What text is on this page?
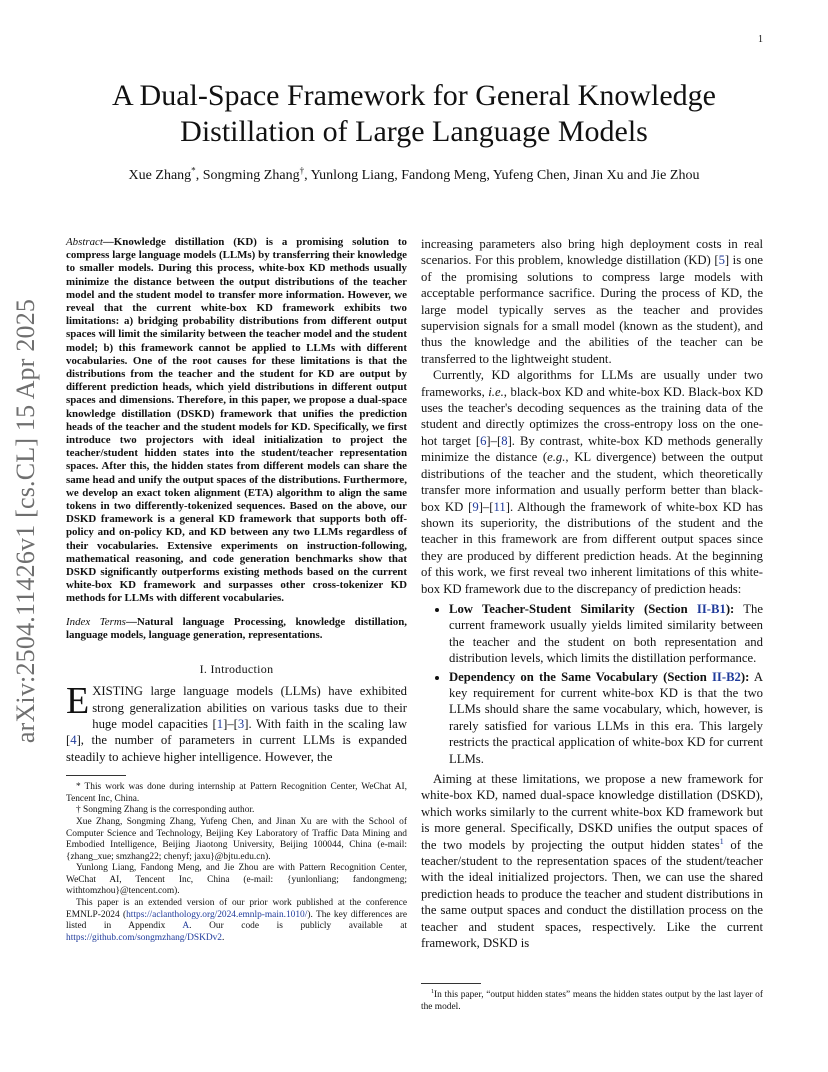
1
arXiv:2504.11426v1 [cs.CL] 15 Apr 2025
A Dual-Space Framework for General Knowledge
Distillation of Large Language Models
Xue Zhang*, Songming Zhang†, Yunlong Liang, Fandong Meng, Yufeng Chen, Jinan Xu and Jie Zhou

Abstract—Knowledge distillation (KD) is a promising solution to compress large language models (LLMs) by transferring their knowledge to smaller models. During this process, white-box KD methods usually minimize the distance between the output distributions of the teacher model and the student model to transfer more information. However, we reveal that the current white-box KD framework exhibits two limitations: a) bridging probability distributions from different output spaces will limit the similarity between the teacher model and the student model; b) this framework cannot be applied to LLMs with different vocabularies. One of the root causes for these limitations is that the distributions from the teacher and the student for KD are output by different prediction heads, which yield distributions in different output spaces and dimensions. Therefore, in this paper, we propose a dual-space knowledge distillation (DSKD) framework that unifies the prediction heads of the teacher and the student models for KD. Specifically, we first introduce two projectors with ideal initialization to project the teacher/student hidden states into the student/teacher representation spaces. After this, the hidden states from different models can share the same head and unify the output spaces of the distributions. Furthermore, we develop an exact token alignment (ETA) algorithm to align the same tokens in two differently-tokenized sequences. Based on the above, our DSKD framework is a general KD framework that supports both off-policy and on-policy KD, and KD between any two LLMs regardless of their vocabularies. Extensive experiments on instruction-following, mathematical reasoning, and code generation benchmarks show that DSKD significantly outperforms existing methods based on the current white-box KD framework and surpasses other cross-tokenizer KD methods for LLMs with different vocabularies.

Index Terms—Natural language Processing, knowledge distillation, language models, language generation, representations.

I. Introduction

EXISTING large language models (LLMs) have exhibited strong generalization abilities on various tasks due to their huge model capacities [1]–[3]. With faith in the scaling law [4], the number of parameters in current LLMs is expanded steadily to achieve higher intelligence. However, the

* This work was done during internship at Pattern Recognition Center, WeChat AI, Tencent Inc, China.

† Songming Zhang is the corresponding author.

Xue Zhang, Songming Zhang, Yufeng Chen, and Jinan Xu are with the School of Computer Science and Technology, Beijing Key Laboratory of Traffic Data Mining and Embodied Intelligence, Beijing Jiaotong University, Beijing 100044, China (e-mail: {zhang_xue; smzhang22; chenyf; jaxu}@bjtu.edu.cn).

Yunlong Liang, Fandong Meng, and Jie Zhou are with Pattern Recognition Center, WeChat AI, Tencent Inc, China (e-mail: {yunlonliang; fandongmeng; withtomzhou}@tencent.com).

This paper is an extended version of our prior work published at the conference EMNLP-2024 (https://aclanthology.org/2024.emnlp-main.1010/). The key differences are listed in Appendix A. Our code is publicly available at https://github.com/songmzhang/DSKDv2.

increasing parameters also bring high deployment costs in real scenarios. For this problem, knowledge distillation (KD) [5] is one of the promising solutions to compress large models with acceptable performance sacrifice. During the process of KD, the large model typically serves as the teacher and provides supervision signals for a small model (known as the student), and thus the knowledge and the abilities of the teacher can be transferred to the lightweight student.

Currently, KD algorithms for LLMs are usually under two frameworks, i.e., black-box KD and white-box KD. Black-box KD uses the teacher's decoding sequences as the training data of the student and directly optimizes the cross-entropy loss on the one-hot target [6]–[8]. By contrast, white-box KD methods generally minimize the distance (e.g., KL divergence) between the output distributions of the teacher and the student, which theoretically transfer more information and usually perform better than black-box KD [9]–[11]. Although the framework of white-box KD has shown its superiority, the distributions of the student and the teacher in this framework are from different output spaces since they are produced by different prediction heads. At the beginning of this work, we first reveal two inherent limitations of this white-box KD framework due to the discrepancy of prediction heads:

• Low Teacher-Student Similarity (Section II-B1): The current framework usually yields limited similarity between the teacher and the student on both representation and distribution levels, which limits the distillation performance.
• Dependency on the Same Vocabulary (Section II-B2): A key requirement for current white-box KD is that the two LLMs should share the same vocabulary, which, however, is rarely satisfied for various LLMs in this era. This largely restricts the practical application of white-box KD for current LLMs.

Aiming at these limitations, we propose a new framework for white-box KD, named dual-space knowledge distillation (DSKD), which works similarly to the current white-box KD framework but is more general. Specifically, DSKD unifies the output spaces of the two models by projecting the output hidden states$^1$ of the teacher/student to the representation spaces of the student/teacher with the ideal initialized projectors. Then, we can use the shared prediction heads to produce the teacher and student distributions in the same output spaces and conduct the distillation process on the teacher and student spaces, respectively. Like the current framework, DSKD is

$^1$In this paper, “output hidden states” means the hidden states output by the last layer of the model.
